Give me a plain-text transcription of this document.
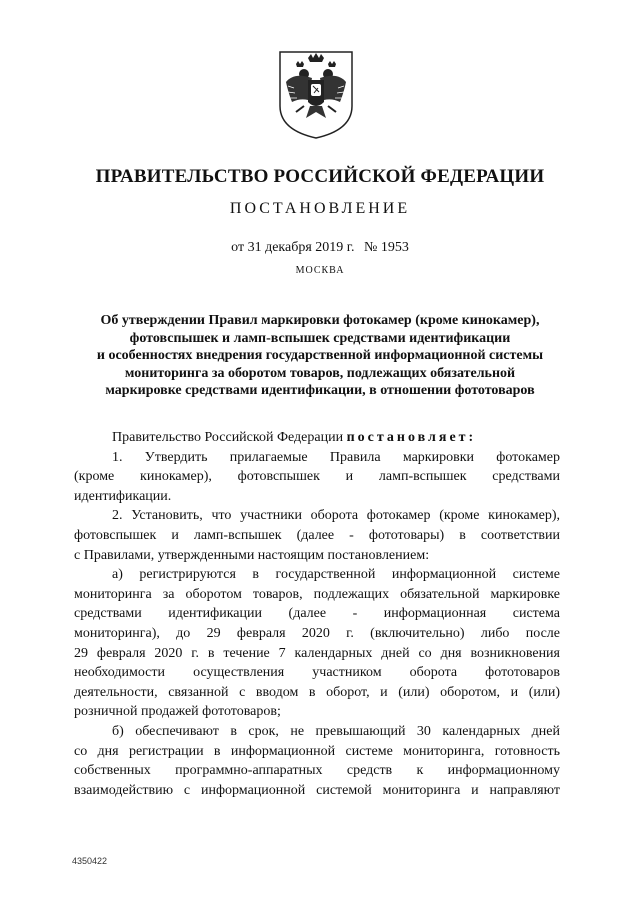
ПРАВИТЕЛЬСТВО РОССИЙСКОЙ ФЕДЕРАЦИИ
ПОСТАНОВЛЕНИЕ
от 31 декабря 2019 г. № 1953
МОСКВА
Об утверждении Правил маркировки фотокамер (кроме кинокамер),
фотовспышек и ламп-вспышек средствами идентификации
и особенностях внедрения государственной информационной системы
мониторинга за оборотом товаров, подлежащих обязательной
маркировке средствами идентификации, в отношении фототоваров
Правительство Российской Федерации постановляет:
1. Утвердить прилагаемые Правила маркировки фотокамер
(кроме кинокамер), фотовспышек и ламп-вспышек средствами
идентификации.
2. Установить, что участники оборота фотокамер (кроме кинокамер),
фотовспышек и ламп-вспышек (далее - фототовары) в соответствии
с Правилами, утвержденными настоящим постановлением:
а) регистрируются в государственной информационной системе
мониторинга за оборотом товаров, подлежащих обязательной маркировке
средствами идентификации (далее - информационная система
мониторинга), до 29 февраля 2020 г. (включительно) либо после
29 февраля 2020 г. в течение 7 календарных дней со дня возникновения
необходимости осуществления участником оборота фототоваров
деятельности, связанной с вводом в оборот, и (или) оборотом, и (или)
розничной продажей фототоваров;
б) обеспечивают в срок, не превышающий 30 календарных дней
со дня регистрации в информационной системе мониторинга, готовность
собственных программно-аппаратных средств к информационному
взаимодействию с информационной системой мониторинга и направляют
4350422
